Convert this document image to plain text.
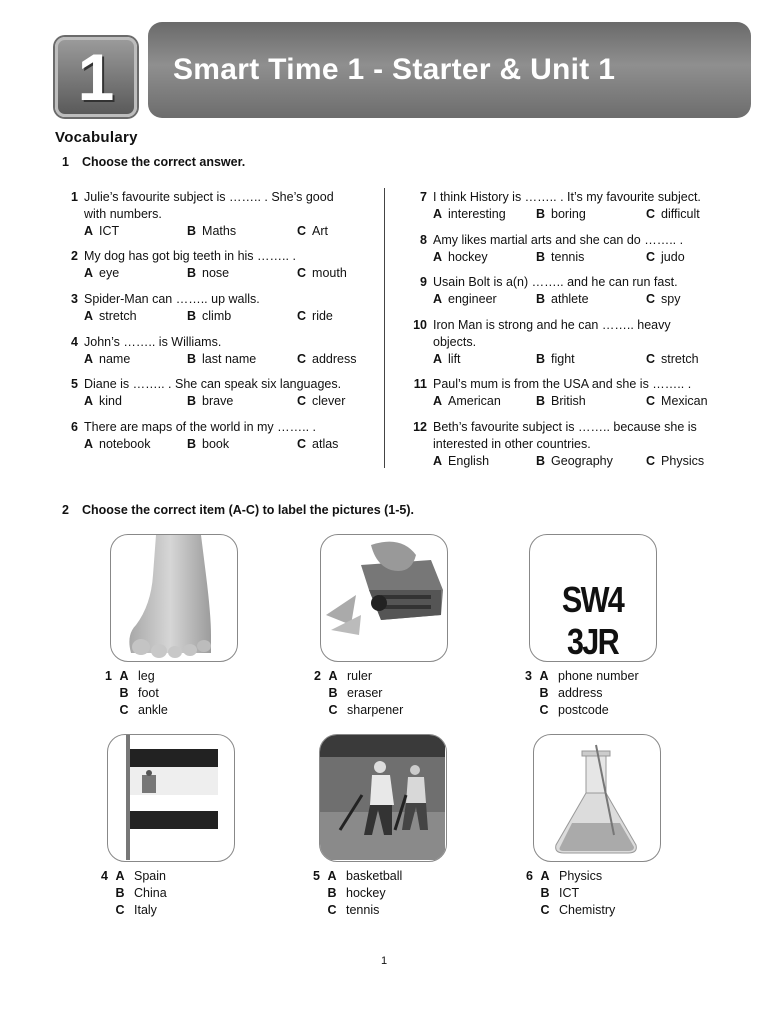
1 Smart Time 1 - Starter & Unit 1
Vocabulary
1 Choose the correct answer.
1 Julie’s favourite subject is …….. . She’s good with numbers.
A ICT	B Maths	C Art
2 My dog has got big teeth in his …….. .
A eye	B nose	C mouth
3 Spider-Man can …….. up walls.
A stretch	B climb	C ride
4 John’s …….. is Williams.
A name	B last name	C address
5 Diane is …….. . She can speak six languages.
A kind	B brave	C clever
6 There are maps of the world in my …….. .
A notebook	B book	C atlas
7 I think History is …….. . It’s my favourite subject.
A interesting B boring	C difficult
8 Amy likes martial arts and she can do …….. .
A hockey	B tennis	C judo
9 Usain Bolt is a(n) …….. and he can run fast.
A engineer	B athlete	C spy
10 Iron Man is strong and he can …….. heavy objects.
A lift	B fight	C stretch
11 Paul’s mum is from the USA and she is …….. .
A American	B British	C Mexican
12 Beth’s favourite subject is …….. because she is interested in other countries.
A English	B Geography	C Physics
2 Choose the correct item (A-C) to label the pictures (1-5).
SW4 3JR
1 A leg
B foot
C ankle
2 A ruler
B eraser
C sharpener
3 A phone number
B address
C postcode
4 A Spain
B China
C Italy
5 A basketball
B hockey
C tennis
6 A Physics
B ICT
C Chemistry
1
